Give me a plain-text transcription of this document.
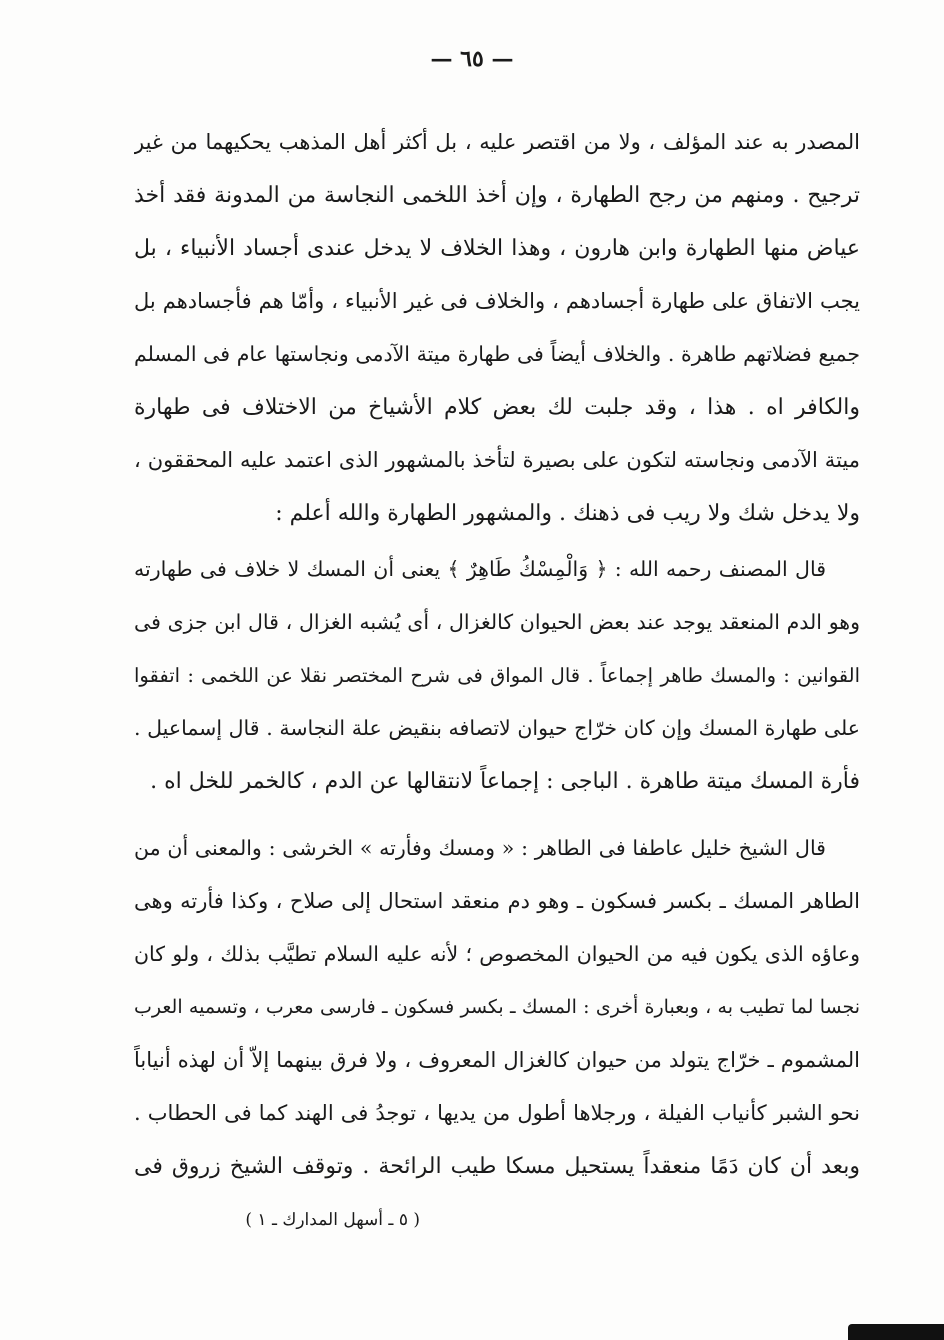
— ٦٥ —
المصدر به عند المؤلف ، ولا من اقتصر عليه ، بل أكثر أهل المذهب يحكيهما من غير
ترجيح . ومنهم من رجح الطهارة ، وإن أخذ اللخمى النجاسة من المدونة فقد أخذ
عياض منها الطهارة وابن هارون ، وهذا الخلاف لا يدخل عندى أجساد الأنبياء ، بل
يجب الاتفاق على طهارة أجسادهم ، والخلاف فى غير الأنبياء ، وأمّا هم فأجسادهم بل
جميع فضلاتهم طاهرة . والخلاف أيضاً فى طهارة ميتة الآدمى ونجاستها عام فى المسلم
والكافر اه . هذا ، وقد جلبت لك بعض كلام الأشياخ من الاختلاف فى طهارة
ميتة الآدمى ونجاسته لتكون على بصيرة لتأخذ بالمشهور الذى اعتمد عليه المحققون ،
ولا يدخل شك ولا ريب فى ذهنك . والمشهور الطهارة والله أعلم :
قال المصنف رحمه الله : ﴿ وَالْمِسْكُ طَاهِرٌ ﴾ يعنى أن المسك لا خلاف فى طهارته
وهو الدم المنعقد يوجد عند بعض الحيوان كالغزال ، أى يُشبه الغزال ، قال ابن جزى فى
القوانين : والمسك طاهر إجماعاً . قال المواق فى شرح المختصر نقلا عن اللخمى : اتفقوا
على طهارة المسك وإن كان خرّاج حيوان لاتصافه بنقيض علة النجاسة . قال إسماعيل .
فأرة المسك ميتة طاهرة . الباجى : إجماعاً لانتقالها عن الدم ، كالخمر للخل اه .
قال الشيخ خليل عاطفا فى الطاهر : « ومسك وفأرته » الخرشى : والمعنى أن من
الطاهر المسك ـ بكسر فسكون ـ وهو دم منعقد استحال إلى صلاح ، وكذا فأرته وهى
وعاؤه الذى يكون فيه من الحيوان المخصوص ؛ لأنه عليه السلام تطيَّب بذلك ، ولو كان
نجسا لما تطيب به ، وبعبارة أخرى : المسك ـ بكسر فسكون ـ فارسى معرب ، وتسميه العرب
المشموم ـ خرّاج يتولد من حيوان كالغزال المعروف ، ولا فرق بينهما إلاّ أن لهذه أنياباً
نحو الشبر كأنياب الفيلة ، ورجلاها أطول من يديها ، توجدُ فى الهند كما فى الحطاب .
وبعد أن كان دَمًا منعقداً يستحيل مسكا طيب الرائحة . وتوقف الشيخ زروق فى
( ٥ ـ أسهل المدارك ـ ١ )
